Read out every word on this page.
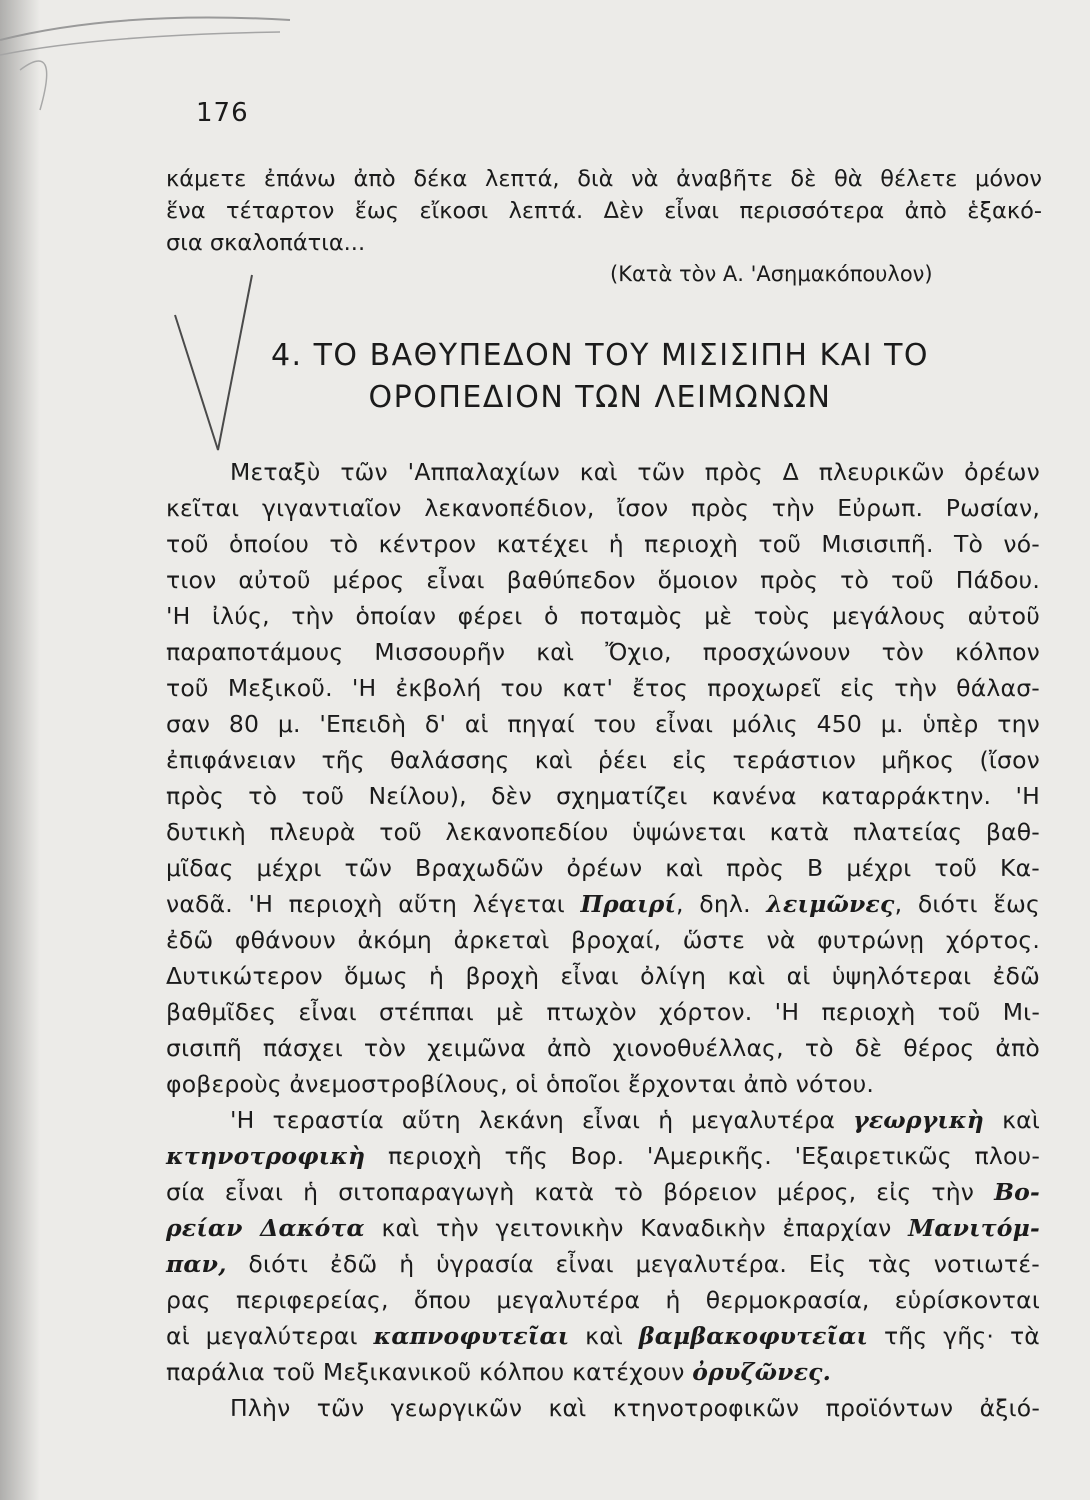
176
κάμετε ἐπάνω ἀπὸ δέκα λεπτά, διὰ νὰ ἀναβῆτε δὲ θὰ θέλετε μόνον
ἕνα τέταρτον ἕως εἴκοσι λεπτά. Δὲν εἶναι περισσότερα ἀπὸ ἑξακό-
σια σκαλοπάτια...
(Κατὰ τὸν Α. 'Ασημακόπουλον)
4. ΤΟ ΒΑΘΥΠΕΔΟΝ ΤΟΥ ΜΙΣΙΣΙΠΗ ΚΑΙ ΤΟ
ΟΡΟΠΕΔΙΟΝ ΤΩΝ ΛΕΙΜΩΝΩΝ
Μεταξὺ τῶν 'Αππαλαχίων καὶ τῶν πρὸς Δ πλευρικῶν ὀρέων
κεῖται γιγαντιαῖον λεκανοπέδιον, ἴσον πρὸς τὴν Εὐρωπ. Ρωσίαν,
τοῦ ὁποίου τὸ κέντρον κατέχει ἡ περιοχὴ τοῦ Μισισιπῆ. Τὸ νό-
τιον αὐτοῦ μέρος εἶναι βαθύπεδον ὅμοιον πρὸς τὸ τοῦ Πάδου.
'Η ἰλύς, τὴν ὁποίαν φέρει ὁ ποταμὸς μὲ τοὺς μεγάλους αὐτοῦ
παραποτάμους Μισσουρῆν καὶ Ὄχιο, προσχώνουν τὸν κόλπον
τοῦ Μεξικοῦ. 'Η ἐκβολή του κατ' ἔτος προχωρεῖ εἰς τὴν θάλασ-
σαν 80 μ. 'Επειδὴ δ' αἱ πηγαί του εἶναι μόλις 450 μ. ὑπὲρ την
ἐπιφάνειαν τῆς θαλάσσης καὶ ῥέει εἰς τεράστιον μῆκος (ἴσον
πρὸς τὸ τοῦ Νείλου), δὲν σχηματίζει κανένα καταρράκτην. 'Η
δυτικὴ πλευρὰ τοῦ λεκανοπεδίου ὑψώνεται κατὰ πλατείας βαθ-
μῖδας μέχρι τῶν Βραχωδῶν ὀρέων καὶ πρὸς Β μέχρι τοῦ Κα-
ναδᾶ. 'Η περιοχὴ αὕτη λέγεται Πραιρί, δηλ. λειμῶνες, διότι ἕως
ἐδῶ φθάνουν ἀκόμη ἀρκεταὶ βροχαί, ὥστε νὰ φυτρώνῃ χόρτος.
Δυτικώτερον ὅμως ἡ βροχὴ εἶναι ὀλίγη καὶ αἱ ὑψηλότεραι ἐδῶ
βαθμῖδες εἶναι στέππαι μὲ πτωχὸν χόρτον. 'Η περιοχὴ τοῦ Μι-
σισιπῆ πάσχει τὸν χειμῶνα ἀπὸ χιονοθυέλλας, τὸ δὲ θέρος ἀπὸ
φοβεροὺς ἀνεμοστροβίλους, οἱ ὁποῖοι ἔρχονται ἀπὸ νότου.
'Η τεραστία αὕτη λεκάνη εἶναι ἡ μεγαλυτέρα γεωργικὴ καὶ
κτηνοτροφικὴ περιοχὴ τῆς Βορ. 'Αμερικῆς. 'Εξαιρετικῶς πλου-
σία εἶναι ἡ σιτοπαραγωγὴ κατὰ τὸ βόρειον μέρος, εἰς τὴν Βο-
ρείαν Δακότα καὶ τὴν γειτονικὴν Καναδικὴν ἐπαρχίαν Μανιτόμ-
παν, διότι ἐδῶ ἡ ὑγρασία εἶναι μεγαλυτέρα. Εἰς τὰς νοτιωτέ-
ρας περιφερείας, ὅπου μεγαλυτέρα ἡ θερμοκρασία, εὑρίσκονται
αἱ μεγαλύτεραι καπνοφυτεῖαι καὶ βαμβακοφυτεῖαι τῆς γῆς· τὰ
παράλια τοῦ Μεξικανικοῦ κόλπου κατέχουν ὀρυζῶνες.
Πλὴν τῶν γεωργικῶν καὶ κτηνοτροφικῶν προϊόντων ἀξιό-
